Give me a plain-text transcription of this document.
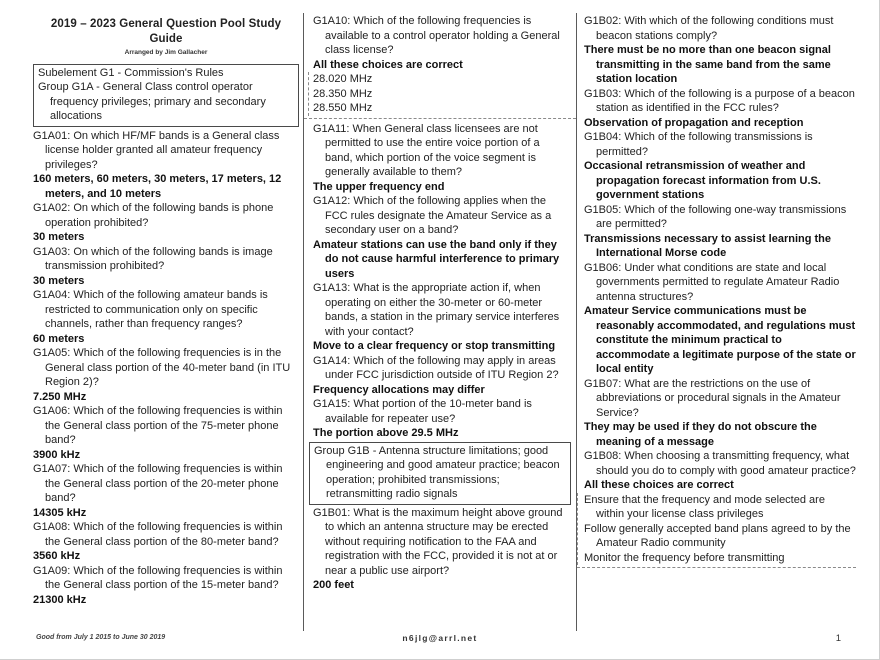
2019 – 2023 General Question Pool Study Guide
Arranged by Jim Gallacher
Subelement G1 - Commission's Rules
Group G1A - General Class control operator frequency privileges; primary and secondary allocations
G1A01: On which HF/MF bands is a General class license holder granted all amateur frequency privileges?
160 meters, 60 meters, 30 meters, 17 meters, 12 meters, and 10 meters
G1A02: On which of the following bands is phone operation prohibited?
30 meters
G1A03: On which of the following bands is image transmission prohibited?
30 meters
G1A04: Which of the following amateur bands is restricted to communication only on specific channels, rather than frequency ranges?
60 meters
G1A05: Which of the following frequencies is in the General class portion of the 40-meter band (in ITU Region 2)?
7.250 MHz
G1A06: Which of the following frequencies is within the General class portion of the 75-meter phone band?
3900 kHz
G1A07: Which of the following frequencies is within the General class portion of the 20-meter phone band?
14305 kHz
G1A08: Which of the following frequencies is within the General class portion of the 80-meter band?
3560 kHz
G1A09: Which of the following frequencies is within the General class portion of the 15-meter band?
21300 kHz
G1A10: Which of the following frequencies is available to a control operator holding a General class license?
All these choices are correct
28.020 MHz
28.350 MHz
28.550 MHz
G1A11: When General class licensees are not permitted to use the entire voice portion of a band, which portion of the voice segment is generally available to them?
The upper frequency end
G1A12: Which of the following applies when the FCC rules designate the Amateur Service as a secondary user on a band?
Amateur stations can use the band only if they do not cause harmful interference to primary users
G1A13: What is the appropriate action if, when operating on either the 30-meter or 60-meter bands, a station in the primary service interferes with your contact?
Move to a clear frequency or stop transmitting
G1A14: Which of the following may apply in areas under FCC jurisdiction outside of ITU Region 2?
Frequency allocations may differ
G1A15: What portion of the 10-meter band is available for repeater use?
The portion above 29.5 MHz
Group G1B - Antenna structure limitations; good engineering and good amateur practice; beacon operation; prohibited transmissions; retransmitting radio signals
G1B01: What is the maximum height above ground to which an antenna structure may be erected without requiring notification to the FAA and registration with the FCC, provided it is not at or near a public use airport?
200 feet
G1B02: With which of the following conditions must beacon stations comply?
There must be no more than one beacon signal transmitting in the same band from the same station location
G1B03: Which of the following is a purpose of a beacon station as identified in the FCC rules?
Observation of propagation and reception
G1B04: Which of the following transmissions is permitted?
Occasional retransmission of weather and propagation forecast information from U.S. government stations
G1B05: Which of the following one-way transmissions are permitted?
Transmissions necessary to assist learning the International Morse code
G1B06: Under what conditions are state and local governments permitted to regulate Amateur Radio antenna structures?
Amateur Service communications must be reasonably accommodated, and regulations must constitute the minimum practical to accommodate a legitimate purpose of the state or local entity
G1B07: What are the restrictions on the use of abbreviations or procedural signals in the Amateur Service?
They may be used if they do not obscure the meaning of a message
G1B08: When choosing a transmitting frequency, what should you do to comply with good amateur practice?
All these choices are correct
Ensure that the frequency and mode selected are within your license class privileges
Follow generally accepted band plans agreed to by the Amateur Radio community
Monitor the frequency before transmitting
Good from July 1 2015 to June 30 2019	n6jlg@arrl.net	1
